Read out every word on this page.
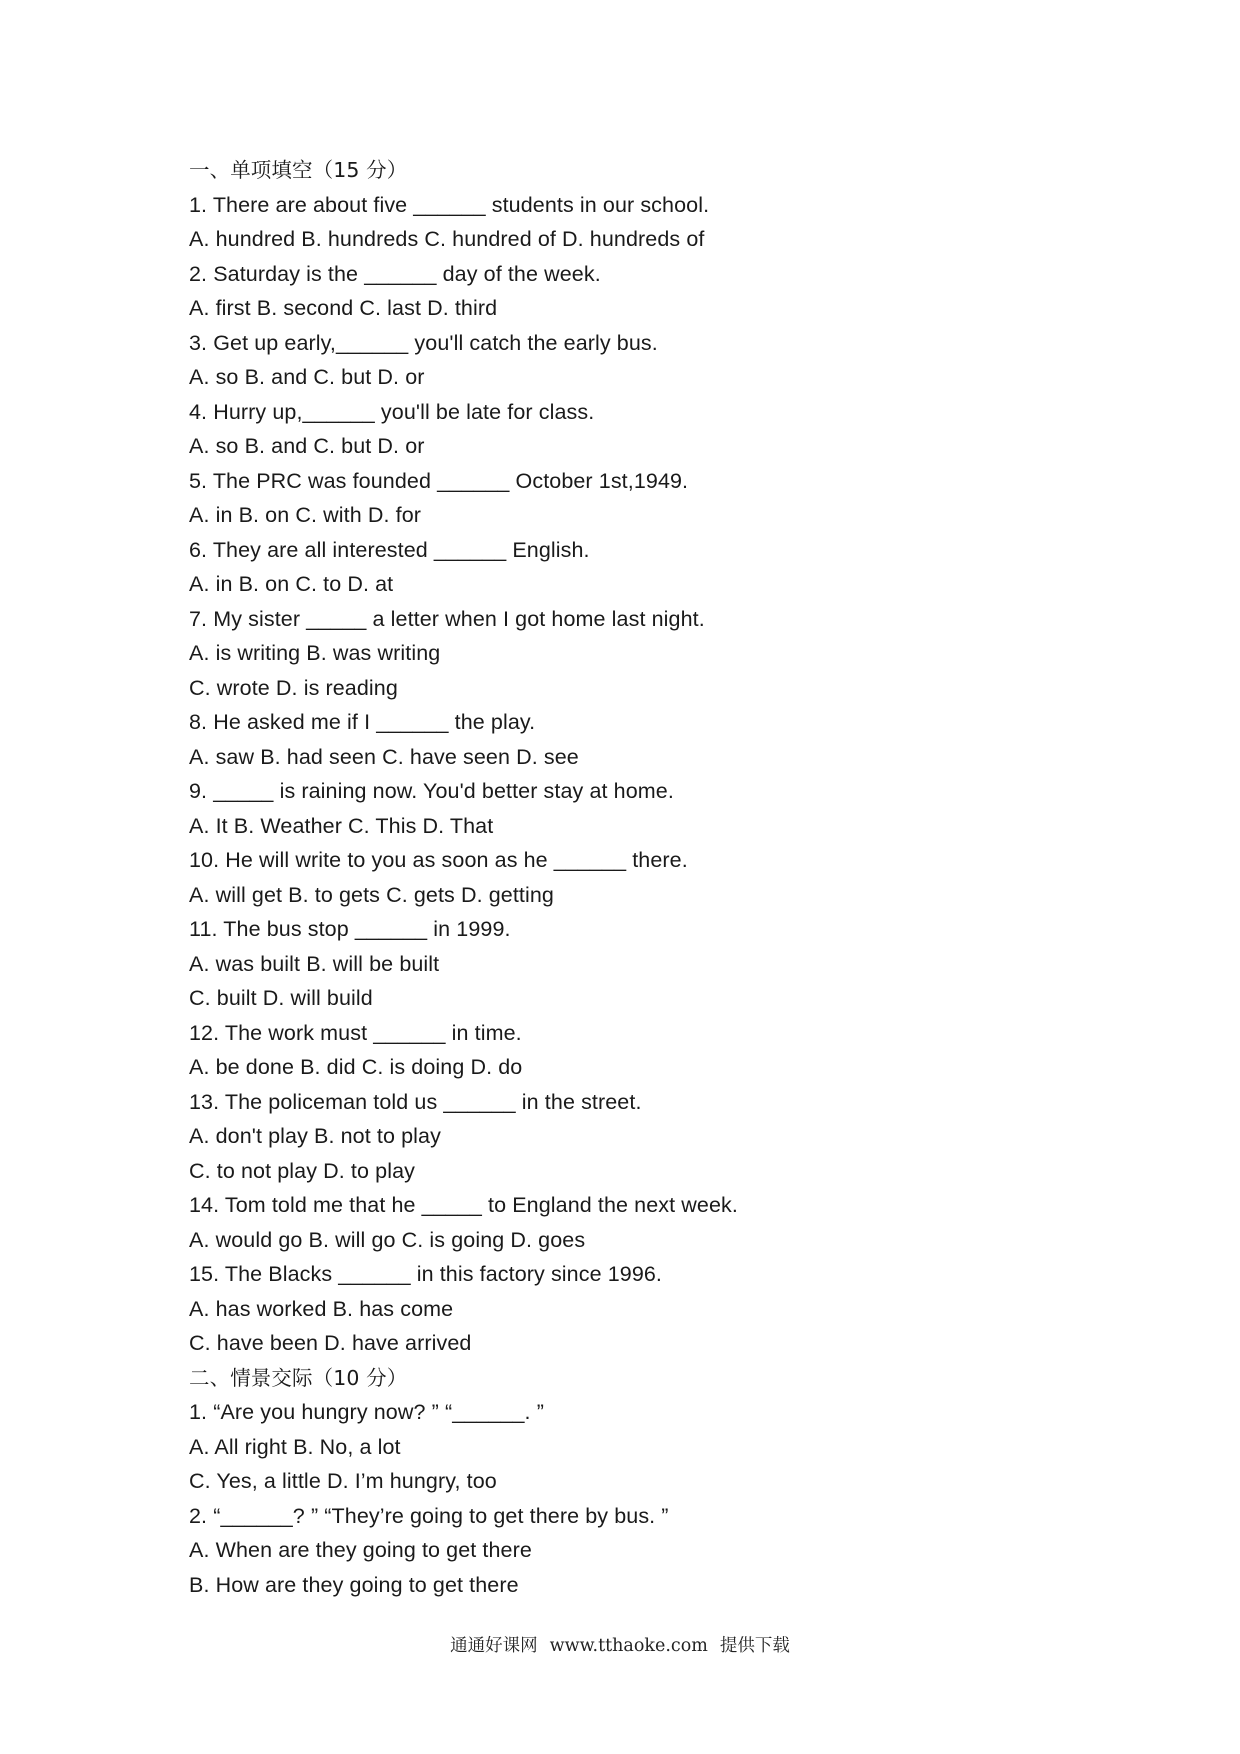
一、单项填空（15 分）
1. There are about five ______ students in our school.
A. hundred B. hundreds C. hundred of D. hundreds of
2. Saturday is the ______ day of the week.
A. first B. second C. last D. third
3. Get up early,______ you'll catch the early bus.
A. so B. and C. but D. or
4. Hurry up,______ you'll be late for class.
A. so B. and C. but D. or
5. The PRC was founded ______ October 1st,1949.
A. in B. on C. with D. for
6. They are all interested ______ English.
A. in B. on C. to D. at
7. My sister _____ a letter when I got home last night.
A. is writing B. was writing
C. wrote D. is reading
8. He asked me if I ______ the play.
A. saw B. had seen C. have seen D. see
9. _____ is raining now. You'd better stay at home.
A. It B. Weather C. This D. That
10. He will write to you as soon as he ______ there.
A. will get B. to gets C. gets D. getting
11. The bus stop ______ in 1999.
A. was built B. will be built
C. built D. will build
12. The work must ______ in time.
A. be done B. did C. is doing D. do
13. The policeman told us ______ in the street.
A. don't play B. not to play
C. to not play D. to play
14. Tom told me that he _____ to England the next week.
A. would go B. will go C. is going D. goes
15. The Blacks ______ in this factory since 1996.
A. has worked B. has come
C. have been D. have arrived
二、情景交际（10 分）
1. “Are you hungry now? ” “______. ”
A. All right B. No, a lot
C. Yes, a little D. I’m hungry, too
2. “______? ” “They’re going to get there by bus. ”
A. When are they going to get there
B. How are they going to get there
通通好课网 www.tthaoke.com 提供下载
